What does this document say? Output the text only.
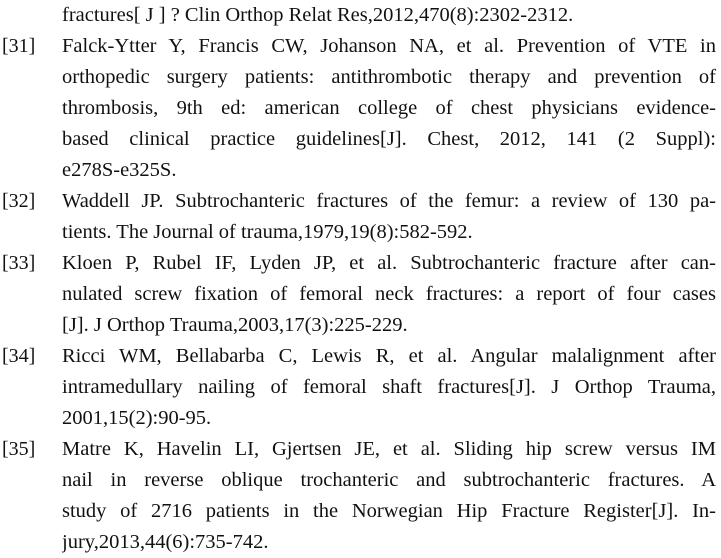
fractures[ J ] ? Clin Orthop Relat Res,2012,470(8):2302-2312.
[31] Falck-Ytter Y, Francis CW, Johanson NA, et al. Prevention of VTE in
orthopedic surgery patients: antithrombotic therapy and prevention of
thrombosis, 9th ed: american college of chest physicians evidence-
based clinical practice guidelines[J]. Chest, 2012, 141 (2 Suppl):
e278S-e325S.
[32] Waddell JP. Subtrochanteric fractures of the femur: a review of 130 pa-
tients. The Journal of trauma,1979,19(8):582-592.
[33] Kloen P, Rubel IF, Lyden JP, et al. Subtrochanteric fracture after can-
nulated screw fixation of femoral neck fractures: a report of four cases
[J]. J Orthop Trauma,2003,17(3):225-229.
[34] Ricci WM, Bellabarba C, Lewis R, et al. Angular malalignment after
intramedullary nailing of femoral shaft fractures[J]. J Orthop Trauma,
2001,15(2):90-95.
[35] Matre K, Havelin LI, Gjertsen JE, et al. Sliding hip screw versus IM
nail in reverse oblique trochanteric and subtrochanteric fractures. A
study of 2716 patients in the Norwegian Hip Fracture Register[J]. In-
jury,2013,44(6):735-742.
